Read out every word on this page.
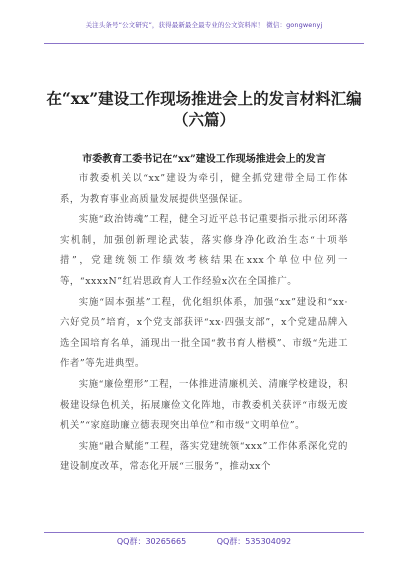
关注头条号“公文研究”，获得最新最全最专业的公文资料库！ 微信：gongwenyj
在“xx”建设工作现场推进会上的发言材料汇编
（六篇）
市委教育工委书记在“xx”建设工作现场推进会上的发言

市教委机关以“xx”建设为牵引，健全抓党建带全局工作体系，为教育事业高质量发展提供坚强保证。

实施“政治铸魂”工程，健全习近平总书记重要指示批示闭环落实机制，加强创新理论武装，落实修身净化政治生态“十项举措”，党建统领工作绩效考核结果在xxx个单位中位列一等，“xxxxN”红岩思政育人工作经验x次在全国推广。

实施“固本强基”工程，优化组织体系，加强“xx”建设和“xx·六好党员”培育，x个党支部获评“xx·四强支部”，x个党建品牌入选全国培育名单，涌现出一批全国“教书育人楷模”、市级“先进工作者”等先进典型。

实施“廉俭塑形”工程，一体推进清廉机关、清廉学校建设，积极建设绿色机关，拓展廉俭文化阵地，市教委机关获评“市级无废机关”“家庭助廉立德表现突出单位”和市级“文明单位”。

实施“融合赋能”工程，落实党建统领“xxx”工作体系深化党的建设制度改革，常态化开展“三服务”，推动xx个

QQ群：30265665	QQ群：535304092
